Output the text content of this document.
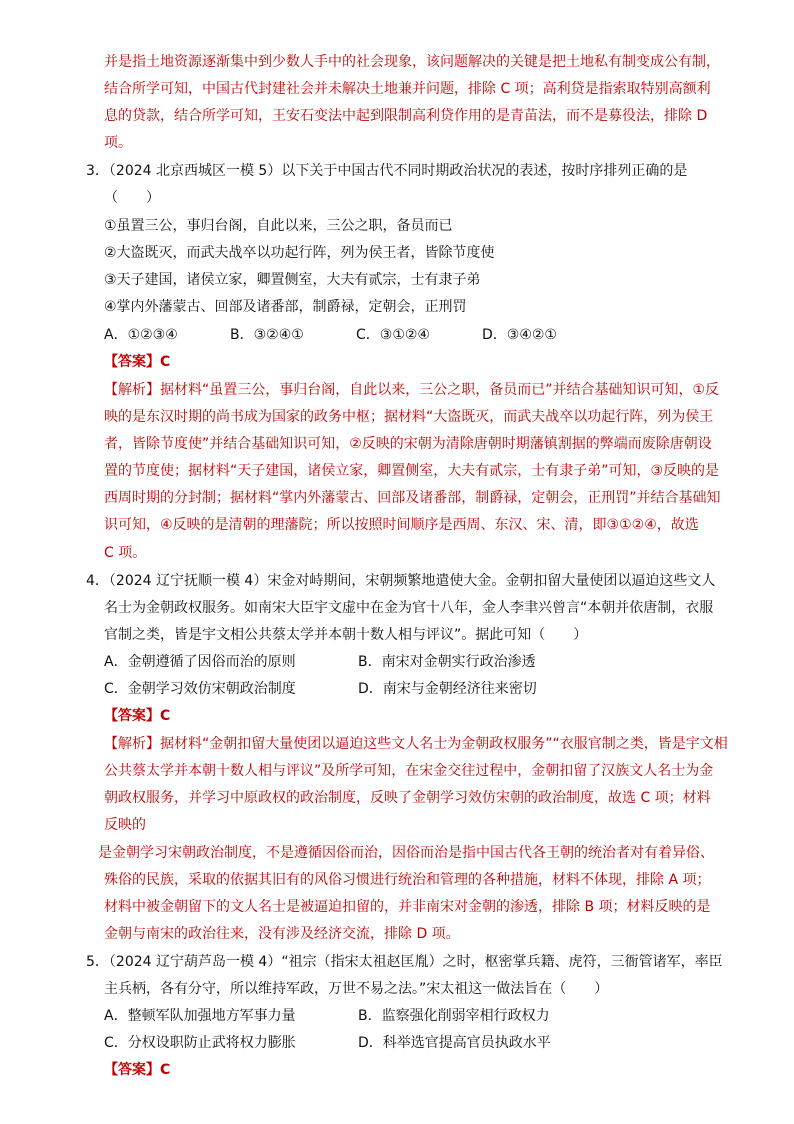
并是指土地资源逐渐集中到少数人手中的社会现象，该问题解决的关键是把土地私有制变成公有制，
结合所学可知，中国古代封建社会并未解决土地兼并问题，排除 C 项；高利贷是指索取特别高额利
息的贷款，结合所学可知，王安石变法中起到限制高利贷作用的是青苗法，而不是募役法，排除 D
项。
3．（2024 北京西城区一模 5）以下关于中国古代不同时期政治状况的表述，按时序排列正确的是
（　　）
①虽置三公，事归台阁，自此以来，三公之职，备员而已
②大盗既灭，而武夫战卒以功起行阵，列为侯王者，皆除节度使
③天子建国，诸侯立家，卿置侧室，大夫有贰宗，士有隶子弟
④掌内外藩蒙古、回部及诸番部，制爵禄，定朝会，正刑罚
A．①②③④	B．③②④①	C．③①②④	D．③④②①
【答案】C
【解析】据材料“虽置三公，事归台阁，自此以来，三公之职，备员而已”并结合基础知识可知，①反
映的是东汉时期的尚书成为国家的政务中枢；据材料“大盗既灭，而武夫战卒以功起行阵，列为侯王
者，皆除节度使”并结合基础知识可知，②反映的宋朝为清除唐朝时期藩镇割据的弊端而废除唐朝设
置的节度使；据材料“天子建国，诸侯立家，卿置侧室，大夫有贰宗，士有隶子弟”可知，③反映的是
西周时期的分封制；据材料“掌内外藩蒙古、回部及诸番部，制爵禄，定朝会，正刑罚”并结合基础知
识可知，④反映的是清朝的理藩院；所以按照时间顺序是西周、东汉、宋、清，即③①②④，故选
C 项。
4．（2024 辽宁抚顺一模 4）宋金对峙期间，宋朝频繁地遣使大金。金朝扣留大量使团以逼迫这些文人
名士为金朝政权服务。如南宋大臣宇文虚中在金为官十八年，金人李聿兴曾言“本朝并依唐制，衣服
官制之类，皆是宇文相公共蔡太学并本朝十数人相与评议”。据此可知（　　）
A．金朝遵循了因俗而治的原则	B．南宋对金朝实行政治渗透
C．金朝学习效仿宋朝政治制度	D．南宋与金朝经济往来密切
【答案】C
【解析】据材料“金朝扣留大量使团以逼迫这些文人名士为金朝政权服务”“衣服官制之类，皆是宇文相
公共蔡太学并本朝十数人相与评议”及所学可知，在宋金交往过程中，金朝扣留了汉族文人名士为金
朝政权服务，并学习中原政权的政治制度，反映了金朝学习效仿宋朝的政治制度，故选 C 项；材料
反映的
是金朝学习宋朝政治制度，不是遵循因俗而治，因俗而治是指中国古代各王朝的统治者对有着异俗、
殊俗的民族，采取的依据其旧有的风俗习惯进行统治和管理的各种措施，材料不体现，排除 A 项；
材料中被金朝留下的文人名士是被逼迫扣留的，并非南宋对金朝的渗透，排除 B 项；材料反映的是
金朝与南宋的政治往来，没有涉及经济交流，排除 D 项。
5．（2024 辽宁葫芦岛一模 4）“祖宗（指宋太祖赵匡胤）之时，枢密掌兵籍、虎符，三衙管诸军，率臣
主兵柄，各有分守，所以维持军政，万世不易之法。”宋太祖这一做法旨在（　　）
A．整顿军队加强地方军事力量	B．监察强化削弱宰相行政权力
C．分权设职防止武将权力膨胀	D．科举选官提高官员执政水平
【答案】C
